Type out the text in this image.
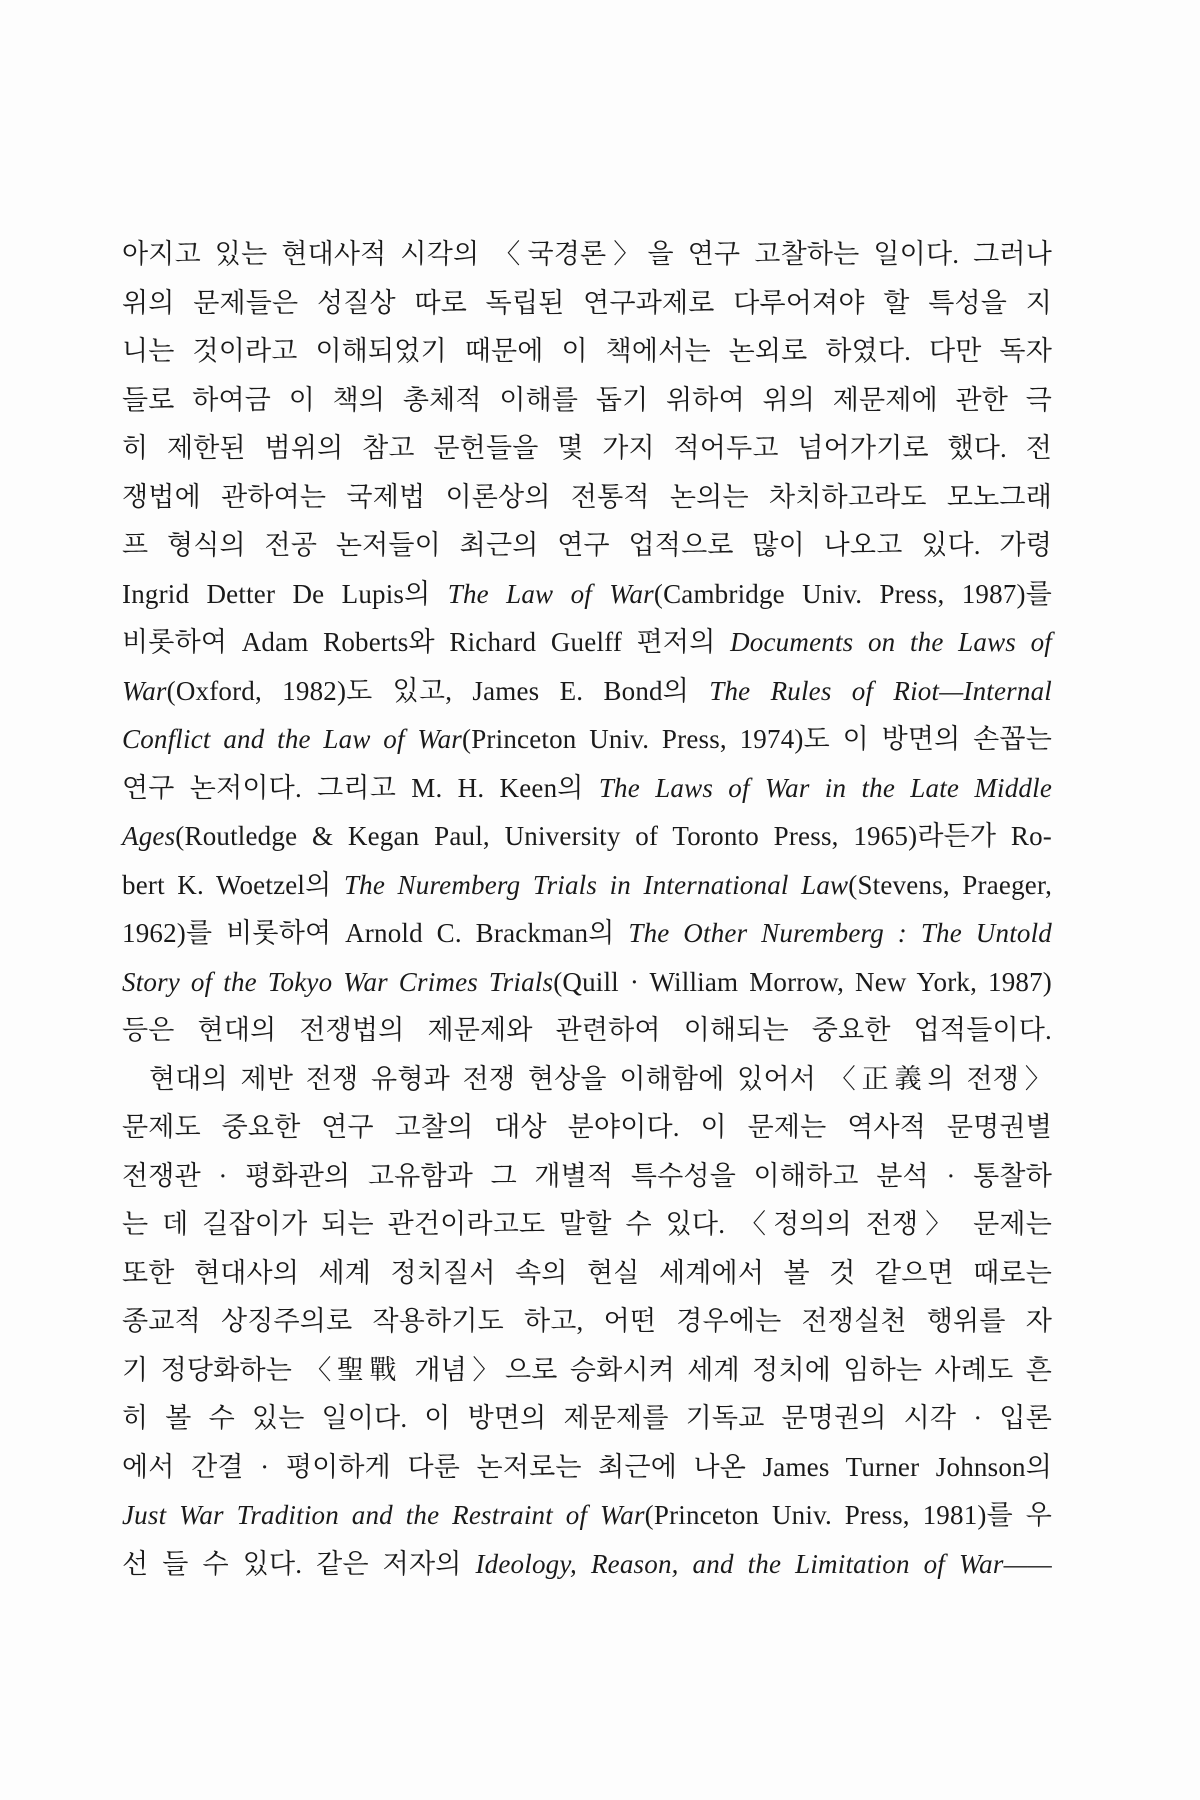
아지고 있는 현대사적 시각의 〈국경론〉을 연구 고찰하는 일이다. 그러나
위의 문제들은 성질상 따로 독립된 연구과제로 다루어져야 할 특성을 지
니는 것이라고 이해되었기 때문에 이 책에서는 논외로 하였다. 다만 독자
들로 하여금 이 책의 총체적 이해를 돕기 위하여 위의 제문제에 관한 극
히 제한된 범위의 참고 문헌들을 몇 가지 적어두고 넘어가기로 했다. 전
쟁법에 관하여는 국제법 이론상의 전통적 논의는 차치하고라도 모노그래
프 형식의 전공 논저들이 최근의 연구 업적으로 많이 나오고 있다. 가령
Ingrid Detter De Lupis의 The Law of War(Cambridge Univ. Press, 1987)를
비롯하여 Adam Roberts와 Richard Guelff 편저의 Documents on the Laws of
War(Oxford, 1982)도 있고, James E. Bond의 The Rules of Riot—Internal
Conflict and the Law of War(Princeton Univ. Press, 1974)도 이 방면의 손꼽는
연구 논저이다. 그리고 M. H. Keen의 The Laws of War in the Late Middle
Ages(Routledge & Kegan Paul, University of Toronto Press, 1965)라든가 Ro-
bert K. Woetzel의 The Nuremberg Trials in International Law(Stevens, Praeger,
1962)를 비롯하여 Arnold C. Brackman의 The Other Nuremberg : The Untold
Story of the Tokyo War Crimes Trials(Quill · William Morrow, New York, 1987)
등은 현대의 전쟁법의 제문제와 관련하여 이해되는 중요한 업적들이다.
현대의 제반 전쟁 유형과 전쟁 현상을 이해함에 있어서 〈正義의 전쟁〉
문제도 중요한 연구 고찰의 대상 분야이다. 이 문제는 역사적 문명권별
전쟁관 · 평화관의 고유함과 그 개별적 특수성을 이해하고 분석 · 통찰하
는 데 길잡이가 되는 관건이라고도 말할 수 있다. 〈정의의 전쟁〉 문제는
또한 현대사의 세계 정치질서 속의 현실 세계에서 볼 것 같으면 때로는
종교적 상징주의로 작용하기도 하고, 어떤 경우에는 전쟁실천 행위를 자
기 정당화하는 〈聖戰 개념〉으로 승화시켜 세계 정치에 임하는 사례도 흔
히 볼 수 있는 일이다. 이 방면의 제문제를 기독교 문명권의 시각 · 입론
에서 간결 · 평이하게 다룬 논저로는 최근에 나온 James Turner Johnson의
Just War Tradition and the Restraint of War(Princeton Univ. Press, 1981)를 우
선 들 수 있다. 같은 저자의 Ideology, Reason, and the Limitation of War——
